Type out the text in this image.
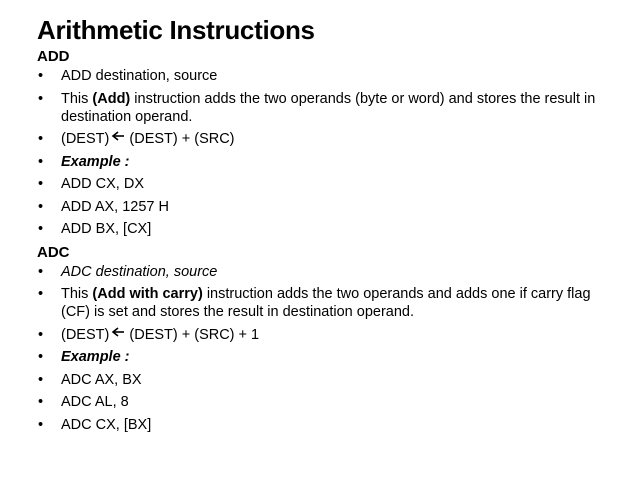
Arithmetic Instructions

ADD

• ADD destination, source
• This (Add) instruction adds the two operands (byte or word) and stores the result in destination operand.
• (DEST)
(DEST) + (SRC)
• Example :
• ADD CX, DX
• ADD AX, 1257 H
• ADD BX, [CX]

ADC

• ADC destination, source
• This (Add with carry) instruction adds the two operands and adds one if carry flag (CF) is set and stores the result in destination operand.
• (DEST)
(DEST) + (SRC) + 1
• Example :
• ADC AX, BX
• ADC AL, 8
• ADC CX, [BX]
